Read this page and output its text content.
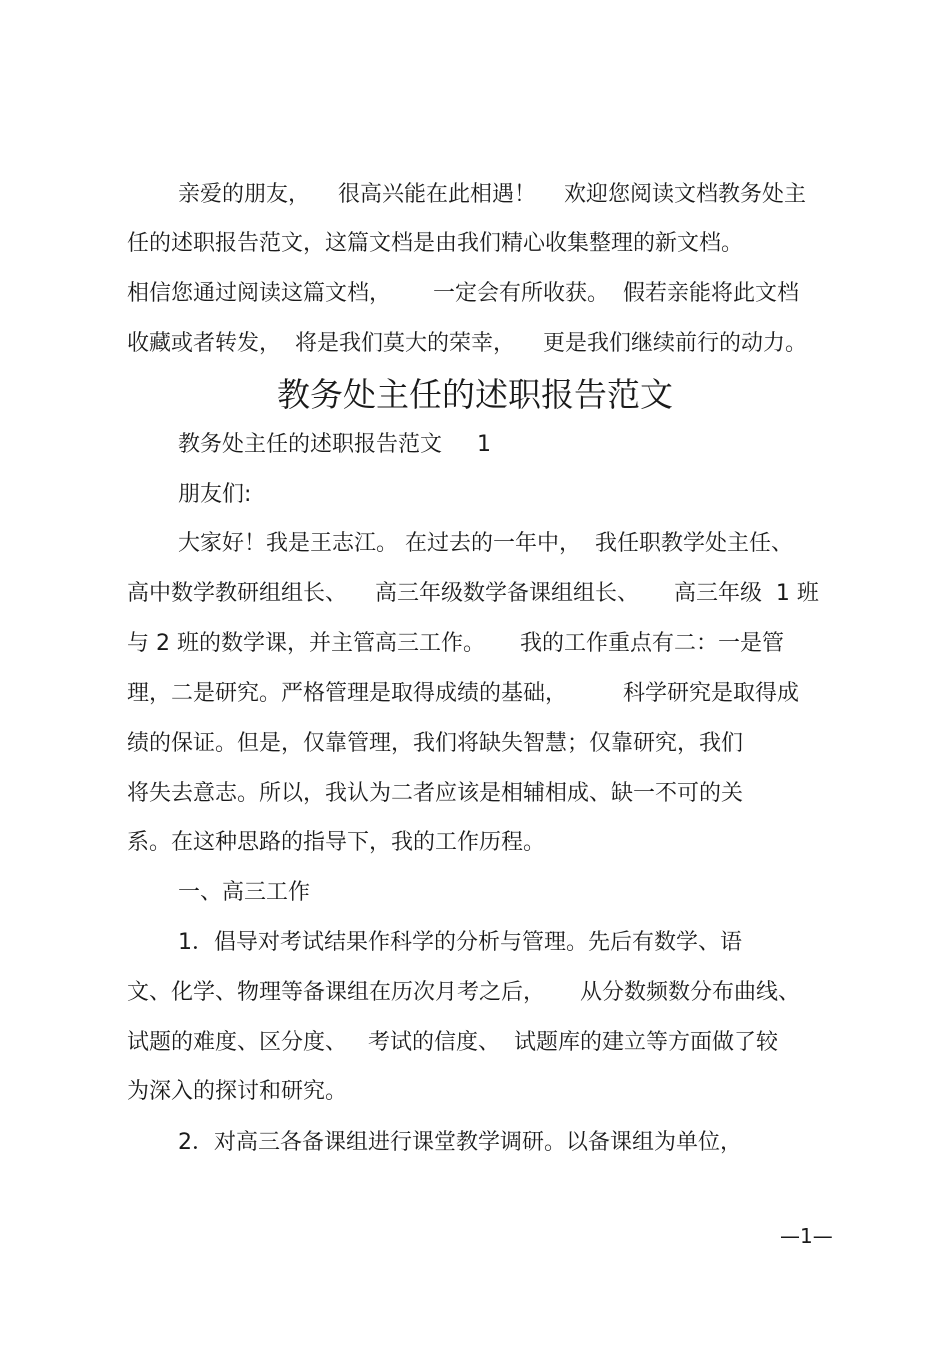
亲爱的朋友，    很高兴能在此相遇！    欢迎您阅读文档教务处主
任的述职报告范文，这篇文档是由我们精心收集整理的新文档。
相信您通过阅读这篇文档，      一定会有所收获。  假若亲能将此文档
收藏或者转发，  将是我们莫大的荣幸，    更是我们继续前行的动力。
教务处主任的述职报告范文
教务处主任的述职报告范文     1
朋友们:
大家好！我是王志江。 在过去的一年中，  我任职教学处主任、
高中数学教研组组长、    高三年级数学备课组组长、     高三年级  1 班
与 2 班的数学课，并主管高三工作。     我的工作重点有二：一是管
理，二是研究。严格管理是取得成绩的基础，        科学研究是取得成
绩的保证。但是，仅靠管理，我们将缺失智慧；仅靠研究，我们
将失去意志。所以，我认为二者应该是相辅相成、缺一不可的关
系。在这种思路的指导下，我的工作历程。
一、高三工作
1．倡导对考试结果作科学的分析与管理。先后有数学、语
文、化学、物理等备课组在历次月考之后，     从分数频数分布曲线、
试题的难度、区分度、   考试的信度、  试题库的建立等方面做了较
为深入的探讨和研究。
2．对高三各备课组进行课堂教学调研。以备课组为单位，
—1—
